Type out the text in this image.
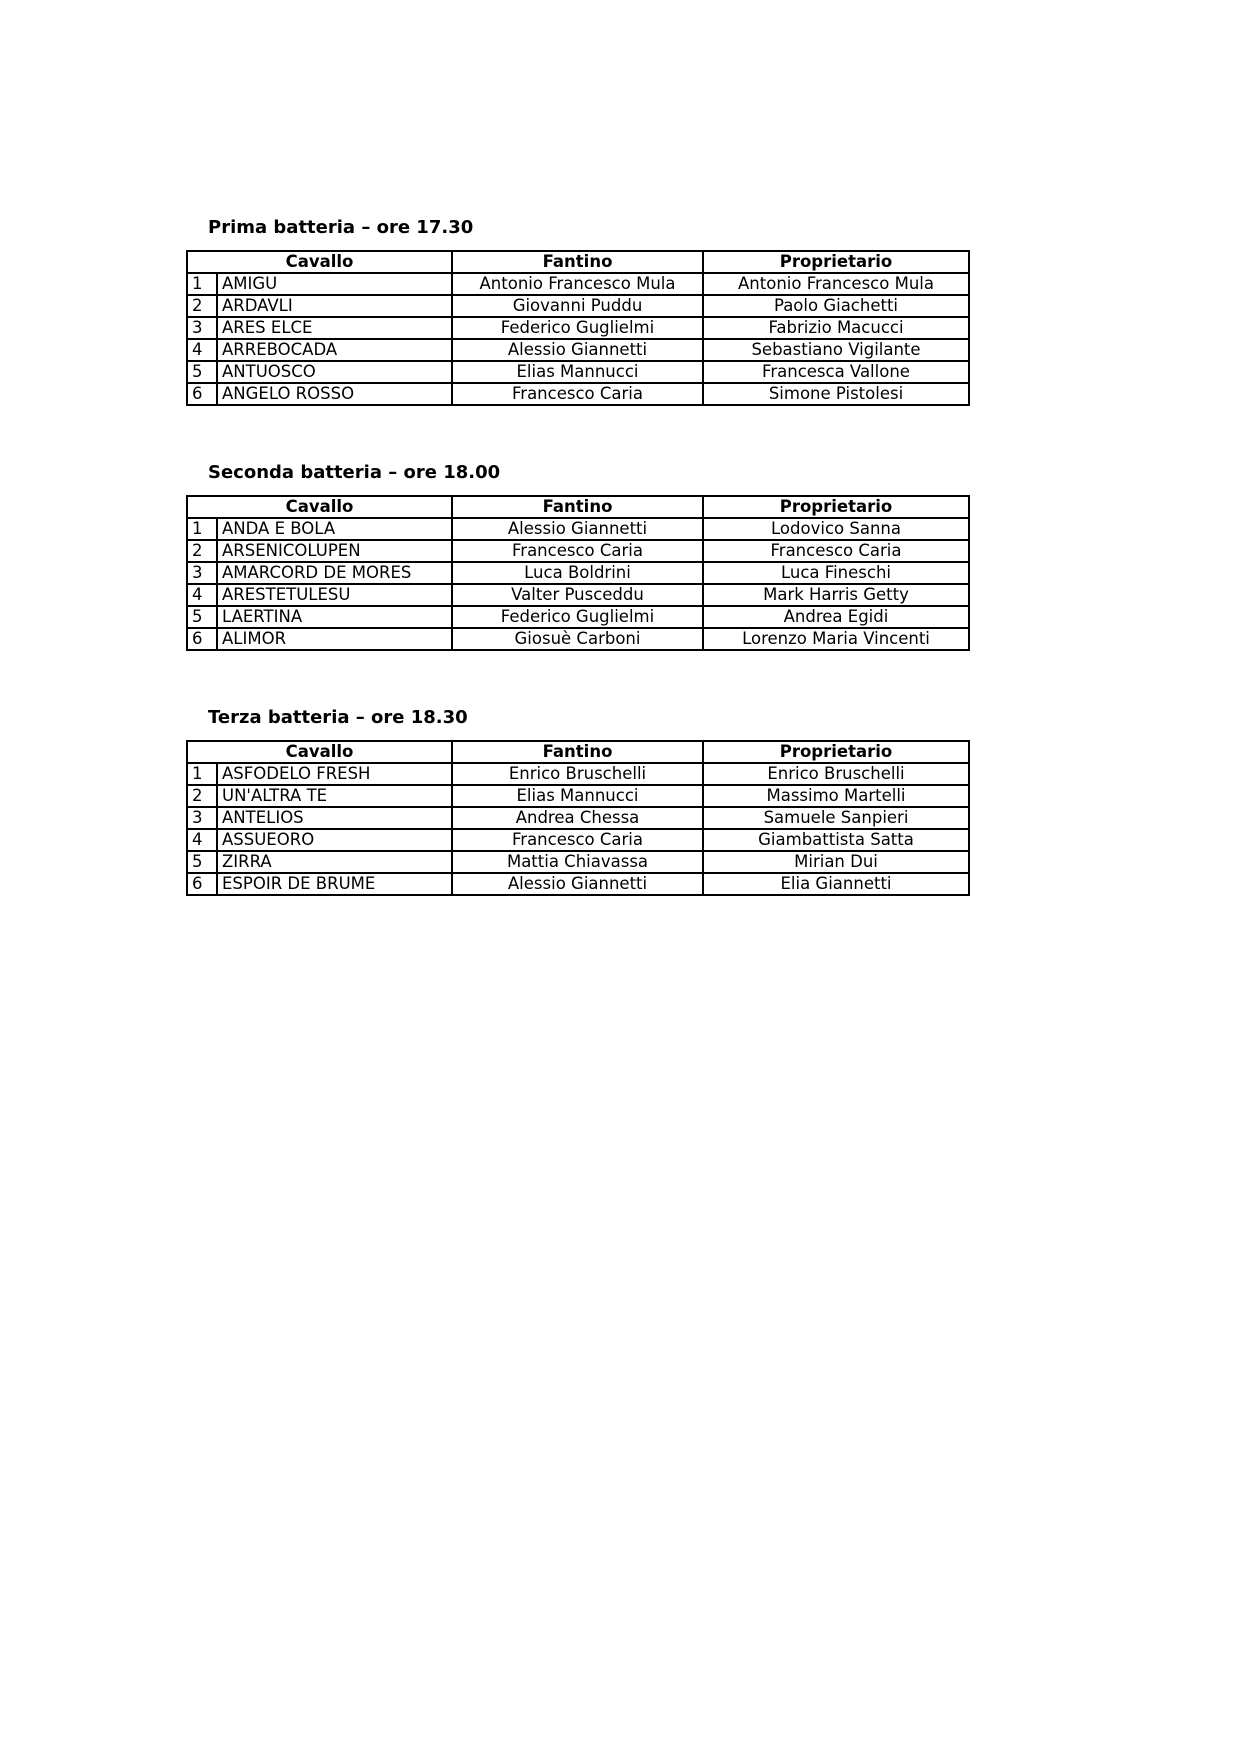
Prima batteria – ore 17.30
Cavallo		Fantino	Proprietario
1	AMIGU	Antonio Francesco Mula	Antonio Francesco Mula
2	ARDAVLI	Giovanni Puddu	Paolo Giachetti
3	ARES ELCE	Federico Guglielmi	Fabrizio Macucci
4	ARREBOCADA	Alessio Giannetti	Sebastiano Vigilante
5	ANTUOSCO	Elias Mannucci	Francesca Vallone
6	ANGELO ROSSO	Francesco Caria	Simone Pistolesi
Seconda batteria – ore 18.00
Cavallo		Fantino	Proprietario
1	ANDA E BOLA	Alessio Giannetti	Lodovico Sanna
2	ARSENICOLUPEN	Francesco Caria	Francesco Caria
3	AMARCORD DE MORES	Luca Boldrini	Luca Fineschi
4	ARESTETULESU	Valter Pusceddu	Mark Harris Getty
5	LAERTINA	Federico Guglielmi	Andrea Egidi
6	ALIMOR	Giosuè Carboni	Lorenzo Maria Vincenti
Terza batteria – ore 18.30
Cavallo		Fantino	Proprietario
1	ASFODELO FRESH	Enrico Bruschelli	Enrico Bruschelli
2	UN'ALTRA TE	Elias Mannucci	Massimo Martelli
3	ANTELIOS	Andrea Chessa	Samuele Sanpieri
4	ASSUEORO	Francesco Caria	Giambattista Satta
5	ZIRRA	Mattia Chiavassa	Mirian Dui
6	ESPOIR DE BRUME	Alessio Giannetti	Elia Giannetti
